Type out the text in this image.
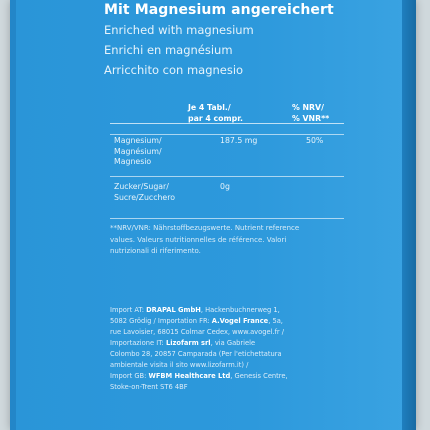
Mit Magnesium angereichert
Enriched with magnesium
Enrichi en magnésium
Arricchito con magnesio
Je 4 Tabl./
par 4 compr.
% NRV/
% VNR**
Magnesium/
Magnésium/
Magnesio
187.5 mg	50%
Zucker/Sugar/
Sucre/Zucchero
0g
**NRV/VNR: Nährstoffbezugswerte. Nutrient reference
values. Valeurs nutritionnelles de référence. Valori
nutrizionali di riferimento.
Import AT: DRAPAL GmbH, Hackenbuchnerweg 1,
5082 Grödig / Importation FR: A.Vogel France, 5a,
rue Lavoisier, 68015 Colmar Cedex, www.avogel.fr /
Importazione IT: Lizofarm srl, via Gabriele
Colombo 28, 20857 Camparada (Per l'etichettatura
ambientale visita il sito www.lizofarm.it) /
Import GB: WFBM Healthcare Ltd, Genesis Centre,
Stoke-on-Trent ST6 4BF
